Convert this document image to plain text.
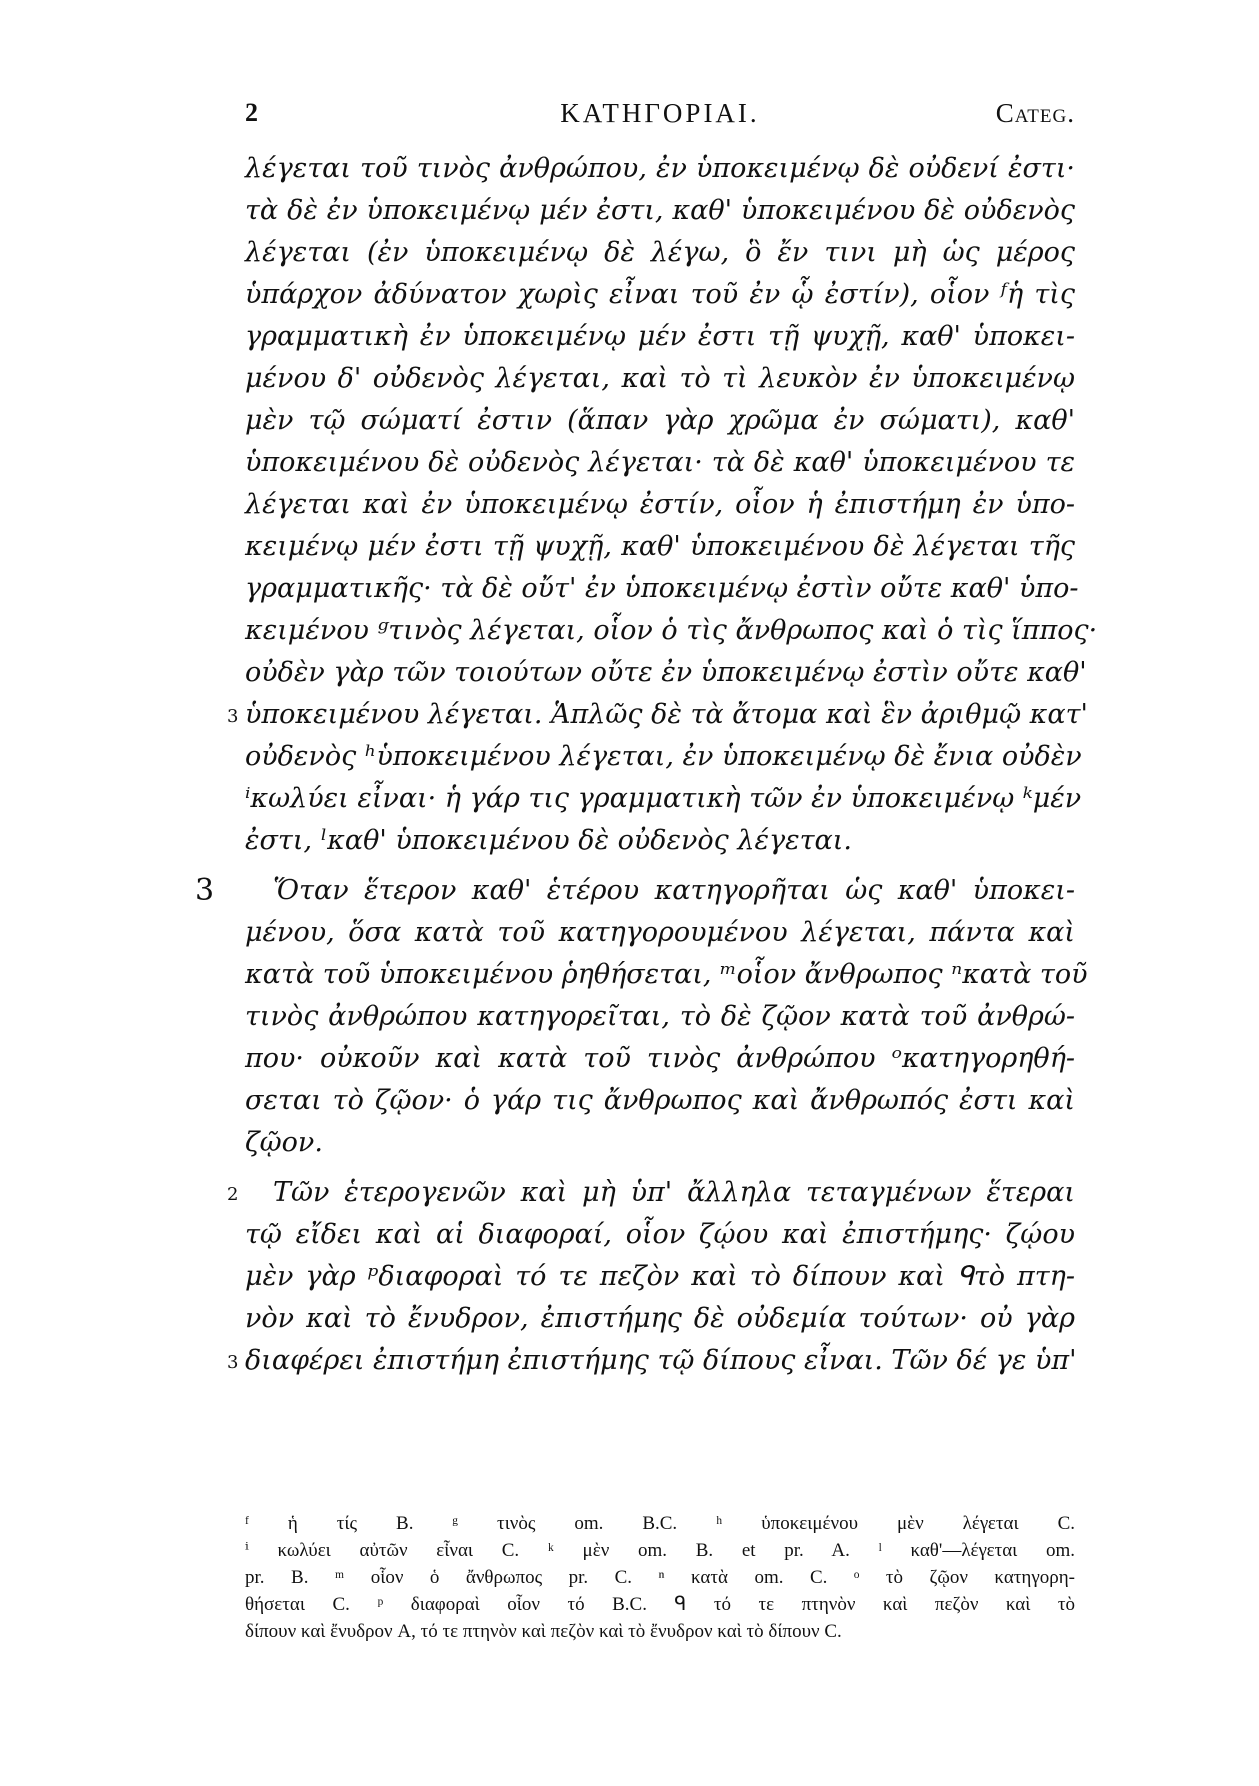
2	ΚΑΤΗΓΟΡΙΑΙ.	Categ.
λέγεται τοῦ τινὸς ἀνθρώπου, ἐν ὑποκειμένῳ δὲ οὐδενί ἐστι·
τὰ δὲ ἐν ὑποκειμένῳ μέν ἐστι, καθ' ὑποκειμένου δὲ οὐδενὸς
λέγεται (ἐν ὑποκειμένῳ δὲ λέγω, ὃ ἔν τινι μὴ ὡς μέρος
ὑπάρχον ἀδύνατον χωρὶς εἶναι τοῦ ἐν ᾧ ἐστίν), οἷον ᶠἡ τὶς
γραμματικὴ ἐν ὑποκειμένῳ μέν ἐστι τῇ ψυχῇ, καθ' ὑποκει-
μένου δ' οὐδενὸς λέγεται, καὶ τὸ τὶ λευκὸν ἐν ὑποκειμένῳ
μὲν τῷ σώματί ἐστιν (ἅπαν γὰρ χρῶμα ἐν σώματι), καθ'
ὑποκειμένου δὲ οὐδενὸς λέγεται· τὰ δὲ καθ' ὑποκειμένου τε
λέγεται καὶ ἐν ὑποκειμένῳ ἐστίν, οἷον ἡ ἐπιστήμη ἐν ὑπο-
κειμένῳ μέν ἐστι τῇ ψυχῇ, καθ' ὑποκειμένου δὲ λέγεται τῆς
γραμματικῆς· τὰ δὲ οὔτ' ἐν ὑποκειμένῳ ἐστὶν οὔτε καθ' ὑπο-
κειμένου ᵍτινὸς λέγεται, οἷον ὁ τὶς ἄνθρωπος καὶ ὁ τὶς ἵππος·
οὐδὲν γὰρ τῶν τοιούτων οὔτε ἐν ὑποκειμένῳ ἐστὶν οὔτε καθ'
3 ὑποκειμένου λέγεται. Ἁπλῶς δὲ τὰ ἄτομα καὶ ἓν ἀριθμῷ κατ'
οὐδενὸς ʰὑποκειμένου λέγεται, ἐν ὑποκειμένῳ δὲ ἔνια οὐδὲν
ⁱκωλύει εἶναι· ἡ γάρ τις γραμματικὴ τῶν ἐν ὑποκειμένῳ ᵏμέν
ἐστι, ˡκαθ' ὑποκειμένου δὲ οὐδενὸς λέγεται.
3 Ὅταν ἕτερον καθ' ἑτέρου κατηγορῆται ὡς καθ' ὑποκει-
μένου, ὅσα κατὰ τοῦ κατηγορουμένου λέγεται, πάντα καὶ
κατὰ τοῦ ὑποκειμένου ῥηθήσεται, ᵐοἷον ἄνθρωπος ⁿκατὰ τοῦ
τινὸς ἀνθρώπου κατηγορεῖται, τὸ δὲ ζῷον κατὰ τοῦ ἀνθρώ-
που· οὐκοῦν καὶ κατὰ τοῦ τινὸς ἀνθρώπου ᵒκατηγορηθή-
σεται τὸ ζῷον· ὁ γάρ τις ἄνθρωπος καὶ ἄνθρωπός ἐστι καὶ
ζῷον.
2 Τῶν ἑτερογενῶν καὶ μὴ ὑπ' ἄλληλα τεταγμένων ἕτεραι
τῷ εἴδει καὶ αἱ διαφοραί, οἷον ζῴου καὶ ἐπιστήμης· ζῴου
μὲν γὰρ ᵖδιαφοραὶ τό τε πεζὸν καὶ τὸ δίπουν καὶ ᑫτὸ πτη-
νὸν καὶ τὸ ἔνυδρον, ἐπιστήμης δὲ οὐδεμία τούτων· οὐ γὰρ
3 διαφέρει ἐπιστήμη ἐπιστήμης τῷ δίπους εἶναι. Τῶν δέ γε ὑπ'
ᶠ ἡ τίς B. ᵍ τινὸς om. B.C. ʰ ὑποκειμένου μὲν λέγεται C.
ⁱ κωλύει αὐτῶν εἶναι C. ᵏ μὲν om. B. et pr. A. ˡ καθ'—λέγεται om.
pr. B. ᵐ οἷον ὁ ἄνθρωπος pr. C. ⁿ κατὰ om. C. ᵒ τὸ ζῷον κατηγορη-
θήσεται C. ᵖ διαφοραὶ οἷον τό B.C. ᑫ τό τε πτηνὸν καὶ πεζὸν καὶ τὸ
δίπουν καὶ ἔνυδρον A, τό τε πτηνὸν καὶ πεζὸν καὶ τὸ ἔνυδρον καὶ τὸ δίπουν C.
